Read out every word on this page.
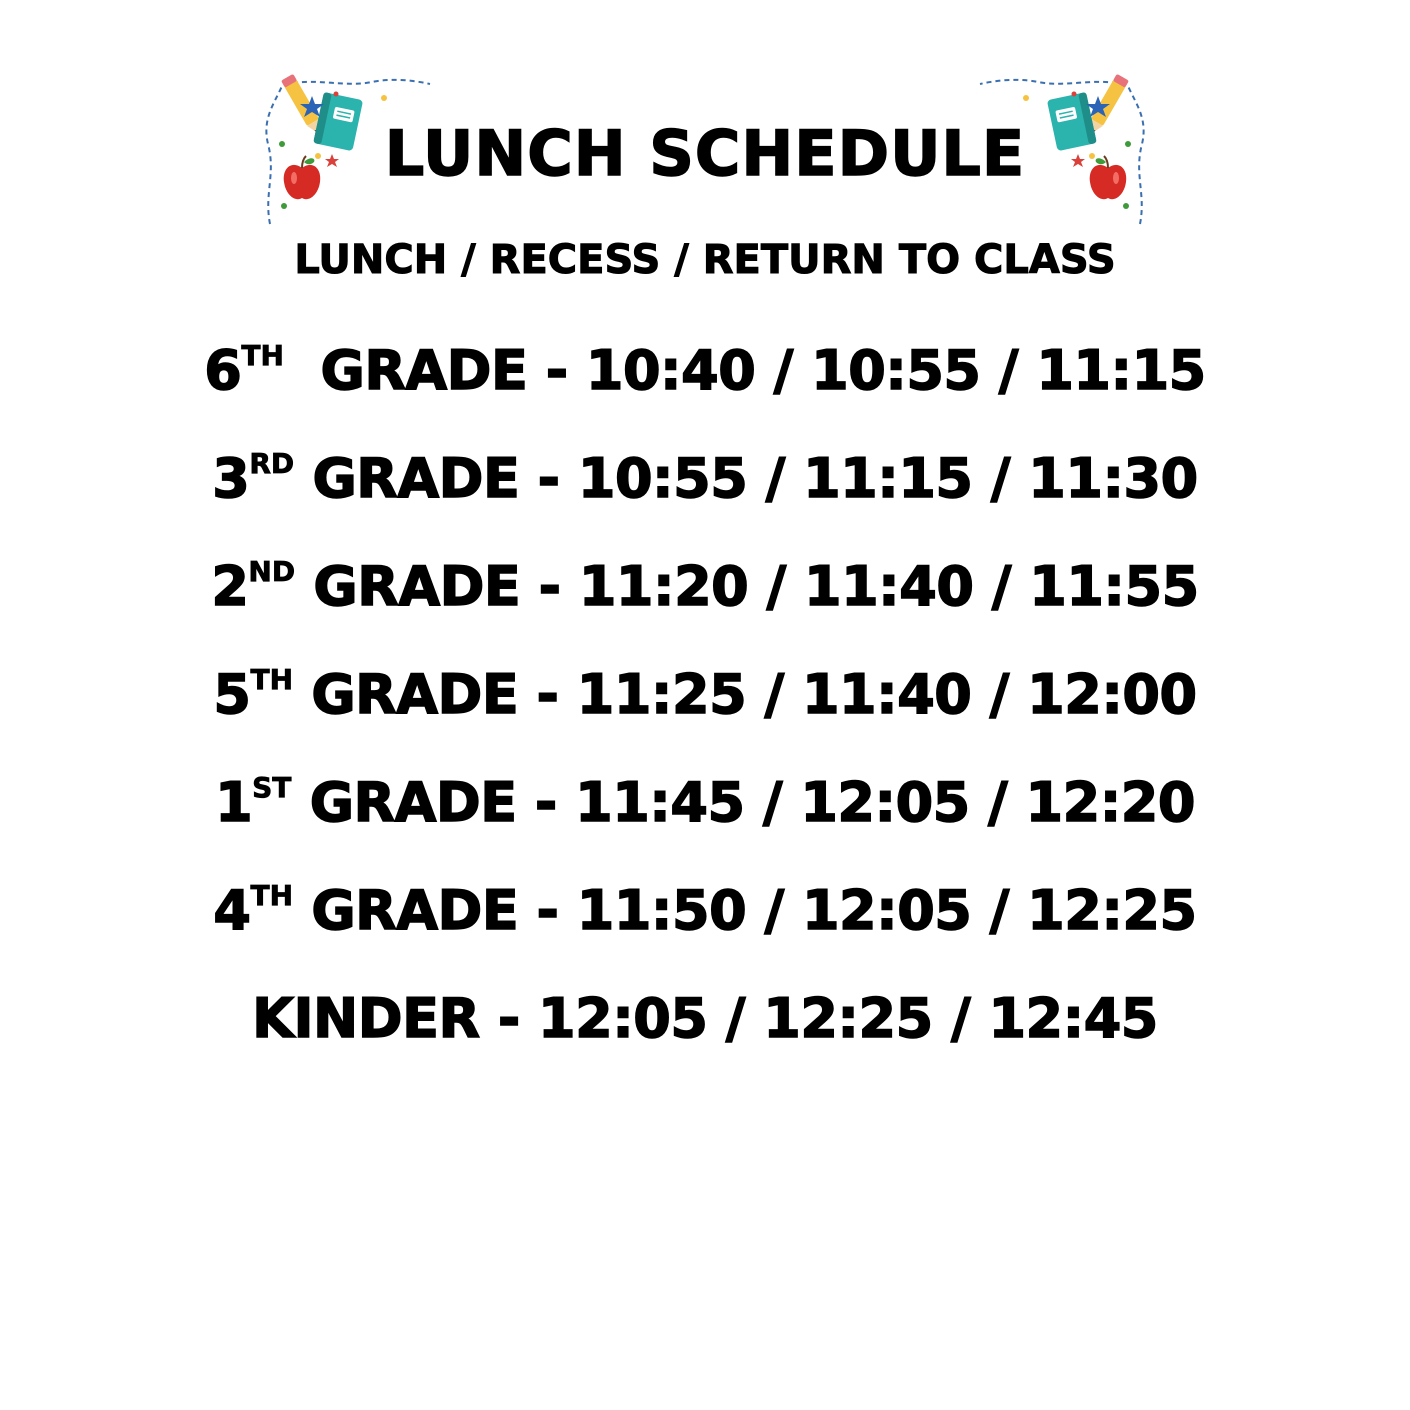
LUNCH SCHEDULE
LUNCH / RECESS / RETURN TO CLASS
6TH  GRADE - 10:40 / 10:55 / 11:15
3RD GRADE - 10:55 / 11:15 / 11:30
2ND GRADE - 11:20 / 11:40 / 11:55
5TH GRADE - 11:25 / 11:40 / 12:00
1ST GRADE - 11:45 / 12:05 / 12:20
4TH GRADE - 11:50 / 12:05 / 12:25
KINDER - 12:05 / 12:25 / 12:45
